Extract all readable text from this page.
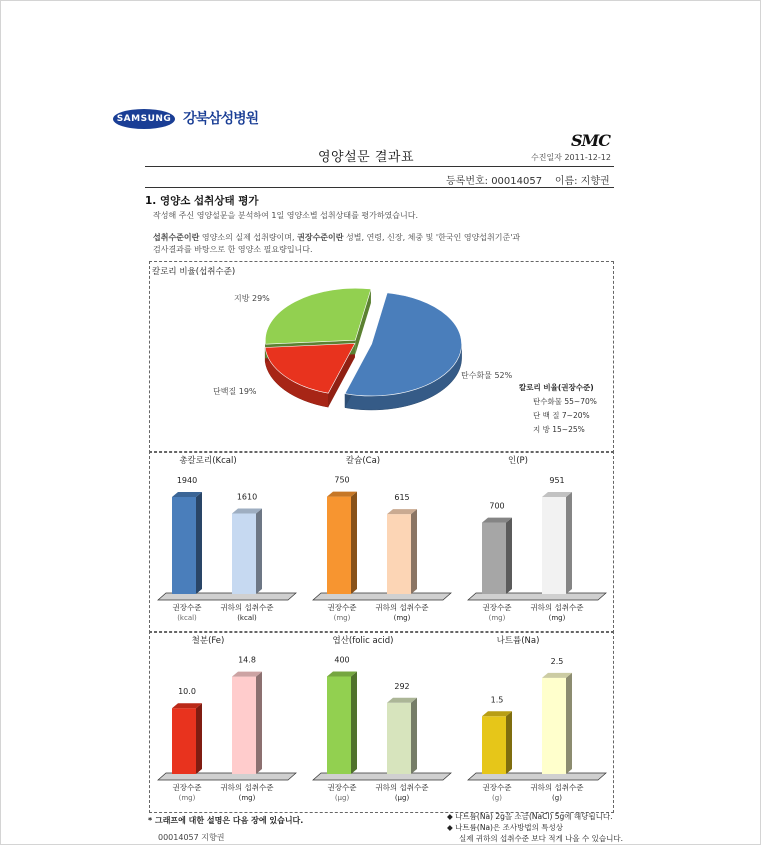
SAMSUNG 강북삼성병원
SMC
영양설문 결과표	수진일자 2011-12-12
등록번호: 00014057 이름: 지향권
1. 영양소 섭취상태 평가
작성해 주신 영양설문을 분석하여 1일 영양소별 섭취상태를 평가하였습니다.
섭취수준이란 영양소의 실제 섭취량이며, 권장수준이란 성별, 연령, 신장, 체중 및 '한국인 영양섭취기준'과
검사결과를 바탕으로 한 영양소 필요량입니다.
칼로리 비율(섭취수준)
탄수화물 52%
단백질 19%
지방 29%
칼로리 비율(권장수준)
탄수화물 55~70%
단 백 질 7~20%
지 방 15~25%
총칼로리(Kcal)
1940
권장수준
(kcal)
1610
귀하의 섭취수준
(kcal)
칼슘(Ca)
750
권장수준
(mg)
615
귀하의 섭취수준
(mg)
인(P)
700
권장수준
(mg)
951
귀하의 섭취수준
(mg)
철분(Fe)
10.0
권장수준
(mg)
14.8
귀하의 섭취수준
(mg)
엽산(folic acid)
400
권장수준
(μg)
292
귀하의 섭취수준
(μg)
나트륨(Na)
1.5
권장수준
(g)
2.5
귀하의 섭취수준
(g)
* 그래프에 대한 설명은 다음 장에 있습니다.
00014057 지향권
◆ 나트륨(Na) 2g을 소금(NaCl) 5g에 해당됩니다.
◆ 나트륨(Na)은 조사방법의 특성상
실제 귀하의 섭취수준 보다 적게 나올 수 있습니다.
